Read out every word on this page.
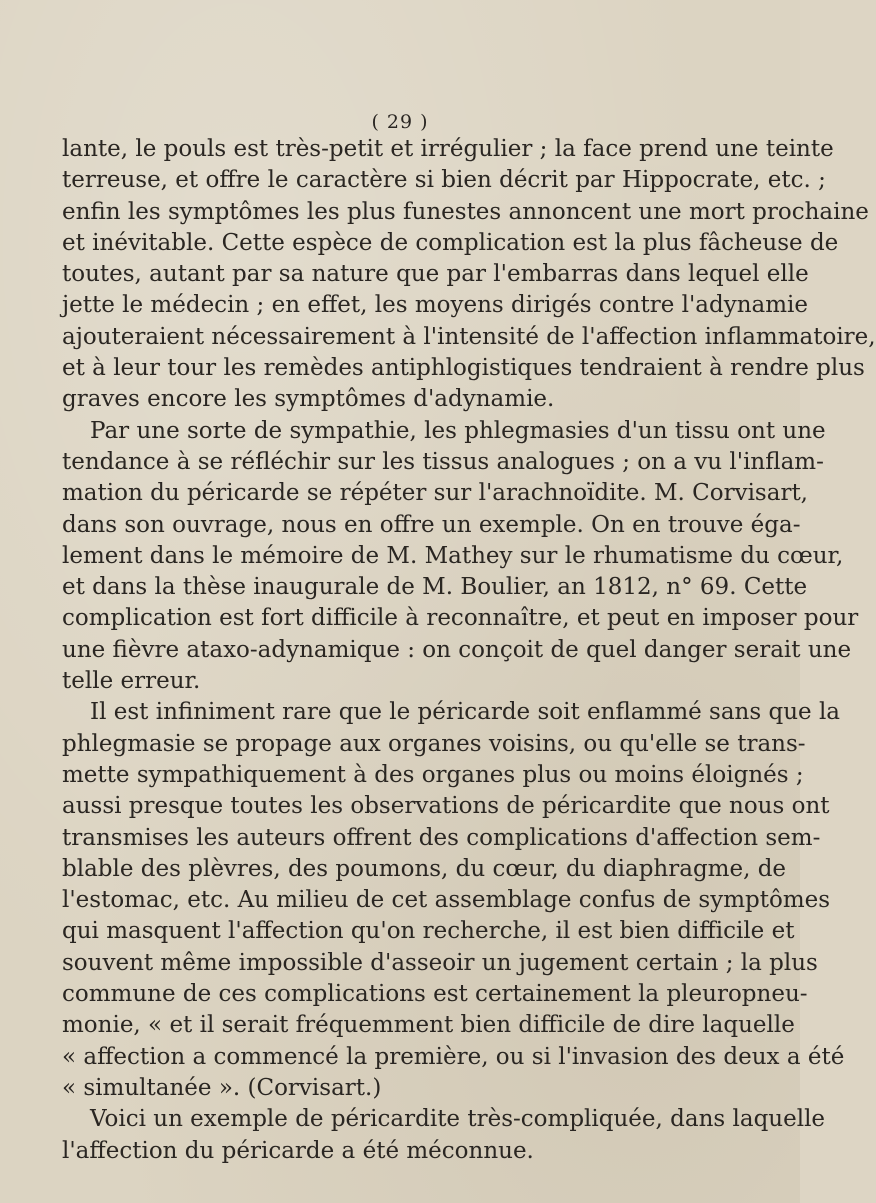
( 29 )
lante, le pouls est très-petit et irrégulier ; la face prend une teinte
terreuse, et offre le caractère si bien décrit par Hippocrate, etc. ;
enfin les symptômes les plus funestes annoncent une mort prochaine
et inévitable. Cette espèce de complication est la plus fâcheuse de
toutes, autant par sa nature que par l'embarras dans lequel elle
jette le médecin ; en effet, les moyens dirigés contre l'adynamie
ajouteraient nécessairement à l'intensité de l'affection inflammatoire,
et à leur tour les remèdes antiphlogistiques tendraient à rendre plus
graves encore les symptômes d'adynamie.
Par une sorte de sympathie, les phlegmasies d'un tissu ont une
tendance à se réfléchir sur les tissus analogues ; on a vu l'inflam-
mation du péricarde se répéter sur l'arachnoïdite. M. Corvisart,
dans son ouvrage, nous en offre un exemple. On en trouve éga-
lement dans le mémoire de M. Mathey sur le rhumatisme du cœur,
et dans la thèse inaugurale de M. Boulier, an 1812, n° 69. Cette
complication est fort difficile à reconnaître, et peut en imposer pour
une fièvre ataxo-adynamique : on conçoit de quel danger serait une
telle erreur.
Il est infiniment rare que le péricarde soit enflammé sans que la
phlegmasie se propage aux organes voisins, ou qu'elle se trans-
mette sympathiquement à des organes plus ou moins éloignés ;
aussi presque toutes les observations de péricardite que nous ont
transmises les auteurs offrent des complications d'affection sem-
blable des plèvres, des poumons, du cœur, du diaphragme, de
l'estomac, etc. Au milieu de cet assemblage confus de symptômes
qui masquent l'affection qu'on recherche, il est bien difficile et
souvent même impossible d'asseoir un jugement certain ; la plus
commune de ces complications est certainement la pleuropneu-
monie, « et il serait fréquemment bien difficile de dire laquelle
« affection a commencé la première, ou si l'invasion des deux a été
« simultanée ». (Corvisart.)
Voici un exemple de péricardite très-compliquée, dans laquelle
l'affection du péricarde a été méconnue.
